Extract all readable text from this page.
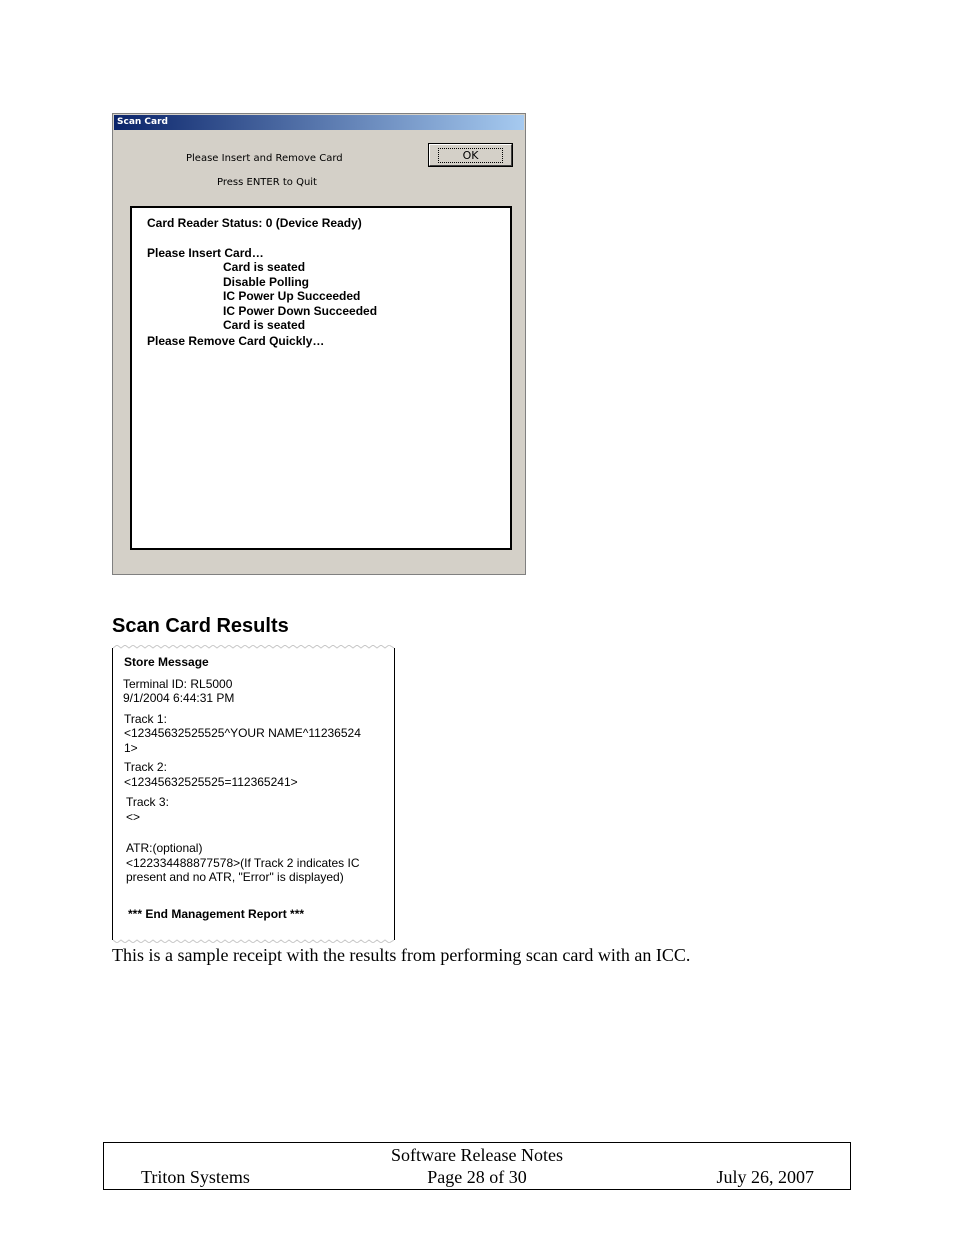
Scan Card
Please Insert and Remove Card
Press ENTER to Quit
OK
Card Reader Status: 0 (Device Ready)
Please Insert Card…
Card is seated
Disable Polling
IC Power Up Succeeded
IC Power Down Succeeded
Card is seated
Please Remove Card Quickly…
Scan Card Results
Store Message
Terminal ID: RL5000
9/1/2004 6:44:31 PM
Track 1:
<12345632525525^YOUR NAME^11236524
1>
Track 2:
<12345632525525=112365241>
Track 3:
<>
ATR:(optional)
<122334488877578>(If Track 2 indicates IC
present and no ATR, "Error" is displayed)
*** End Management Report ***
This is a sample receipt with the results from performing scan card with an ICC.
Software Release Notes
Triton Systems	Page 28 of 30	July 26, 2007
